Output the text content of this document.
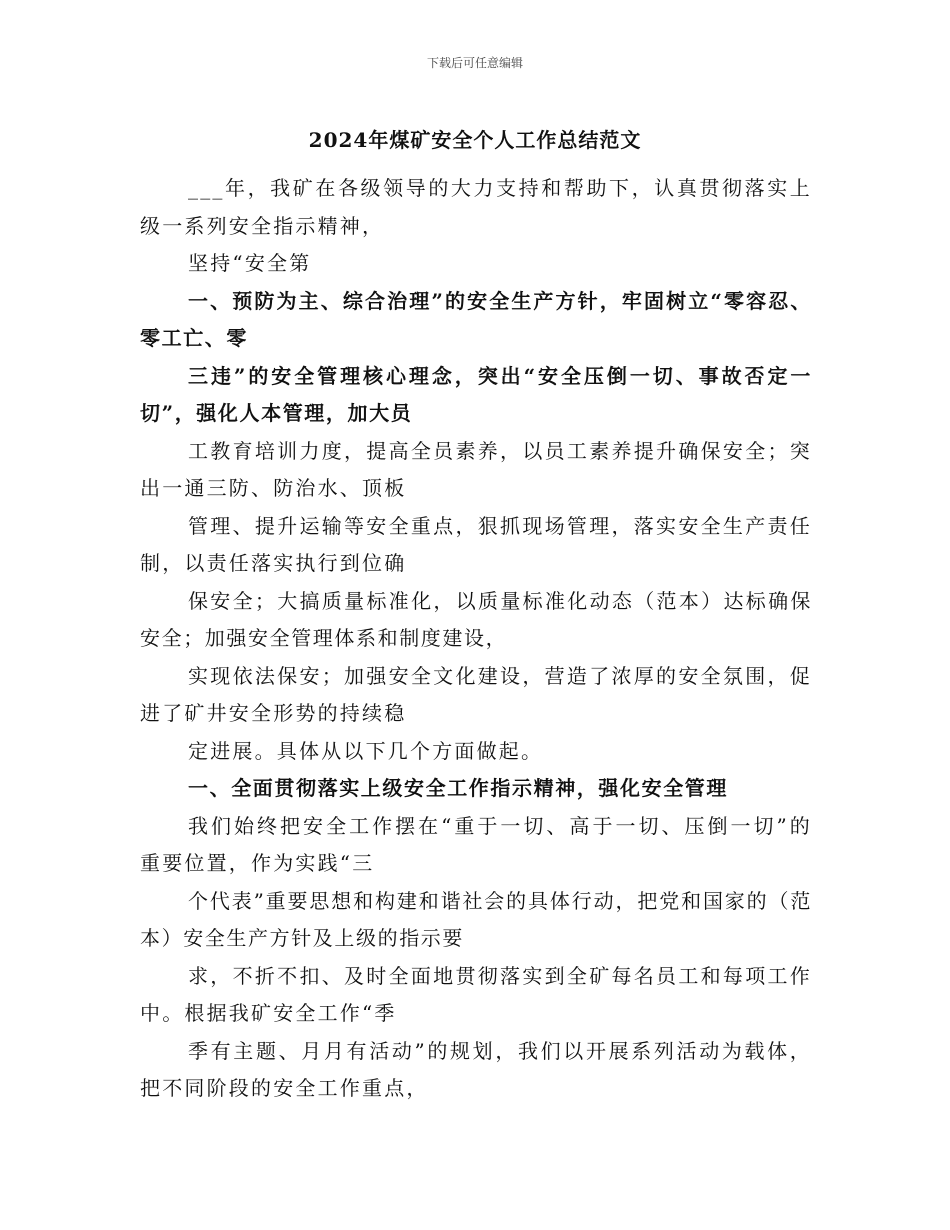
下载后可任意编辑
2024年煤矿安全个人工作总结范文

___年，我矿在各级领导的大力支持和帮助下，认真贯彻落实上级一系列安全指示精神，

坚持“安全第

一、预防为主、综合治理”的安全生产方针，牢固树立“零容忍、零工亡、零

三违”的安全管理核心理念，突出“安全压倒一切、事故否定一切”，强化人本管理，加大员

工教育培训力度，提高全员素养，以员工素养提升确保安全；突出一通三防、防治水、顶板

管理、提升运输等安全重点，狠抓现场管理，落实安全生产责任制，以责任落实执行到位确

保安全；大搞质量标准化，以质量标准化动态（范本）达标确保安全；加强安全管理体系和制度建设，

实现依法保安；加强安全文化建设，营造了浓厚的安全氛围，促进了矿井安全形势的持续稳

定进展。具体从以下几个方面做起。

一、全面贯彻落实上级安全工作指示精神，强化安全管理

我们始终把安全工作摆在“重于一切、高于一切、压倒一切”的重要位置，作为实践“三

个代表”重要思想和构建和谐社会的具体行动，把党和国家的（范本）安全生产方针及上级的指示要

求，不折不扣、及时全面地贯彻落实到全矿每名员工和每项工作中。根据我矿安全工作“季

季有主题、月月有活动”的规划，我们以开展系列活动为载体，把不同阶段的安全工作重点，
